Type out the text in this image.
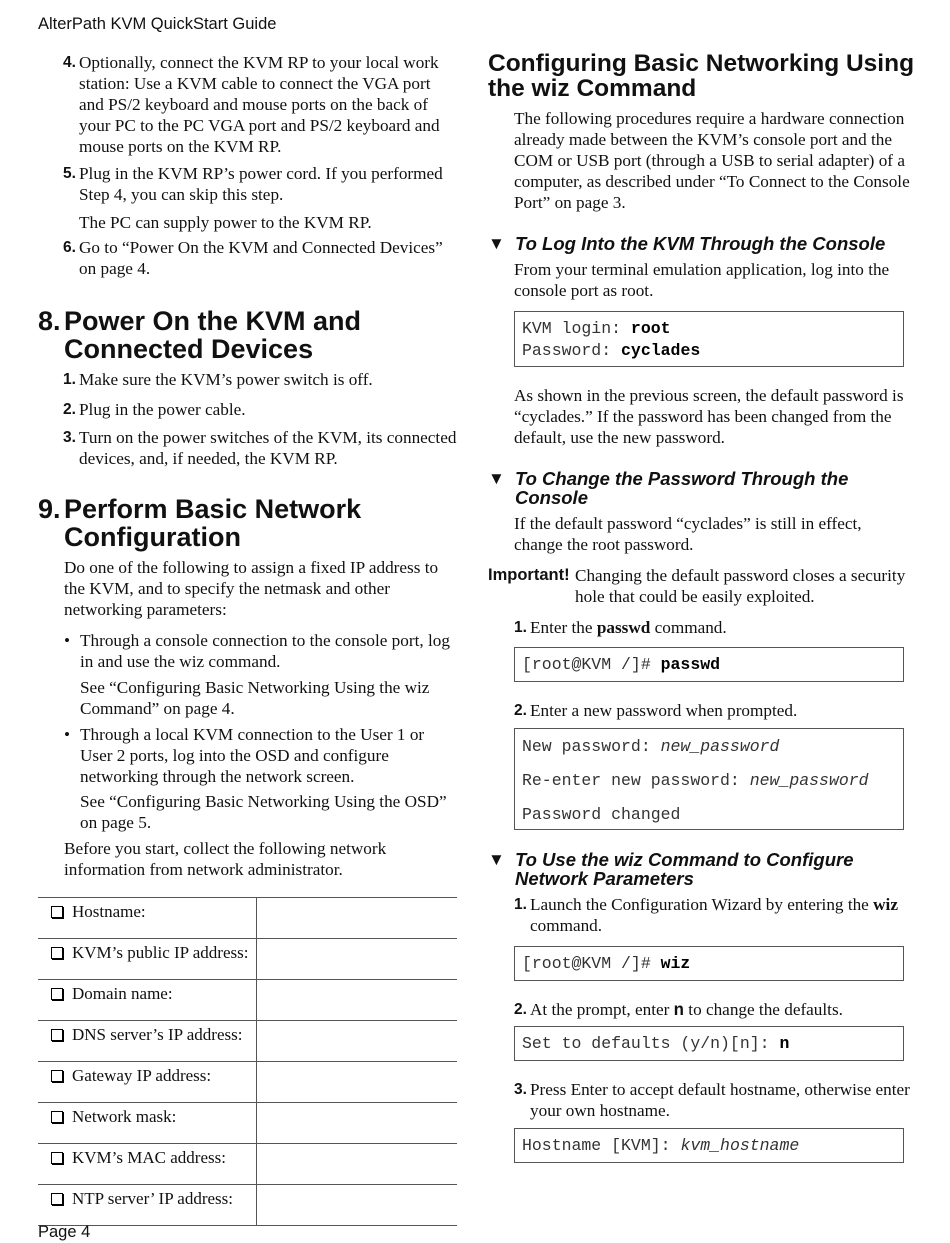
AlterPath KVM QuickStart Guide
4. Optionally, connect the KVM RP to your local work station: Use a KVM cable to connect the VGA port and PS/2 keyboard and mouse ports on the back of your PC to the PC VGA port and PS/2 keyboard and mouse ports on the KVM RP.
5. Plug in the KVM RP’s power cord. If you performed Step 4, you can skip this step.
The PC can supply power to the KVM RP.
6. Go to “Power On the KVM and Connected Devices” on page 4.
8. Power On the KVM and Connected Devices
1. Make sure the KVM’s power switch is off.
2. Plug in the power cable.
3. Turn on the power switches of the KVM, its connected devices, and, if needed, the KVM RP.
9. Perform Basic Network Configuration
Do one of the following to assign a fixed IP address to the KVM, and to specify the netmask and other networking parameters:
• Through a console connection to the console port, log in and use the wiz command.
See “Configuring Basic Networking Using the wiz Command” on page 4.
• Through a local KVM connection to the User 1 or User 2 ports, log into the OSD and configure networking through the network screen.
See “Configuring Basic Networking Using the OSD” on page 5.
Before you start, collect the following network information from network administrator.
Hostname:	
KVM’s public IP address:	
Domain name:	
DNS server’s IP address:	
Gateway IP address:	
Network mask:	
KVM’s MAC address:	
NTP server’ IP address:	
Configuring Basic Networking Using the wiz Command
The following procedures require a hardware connection already made between the KVM’s console port and the COM or USB port (through a USB to serial adapter) of a computer, as described under “To Connect to the Console Port” on page 3.
▼ To Log Into the KVM Through the Console
From your terminal emulation application, log into the console port as root.
KVM login: root
Password: cyclades
As shown in the previous screen, the default password is “cyclades.” If the password has been changed from the default, use the new password.
▼ To Change the Password Through the Console
If the default password “cyclades” is still in effect, change the root password.
Important! Changing the default password closes a security hole that could be easily exploited.
1. Enter the passwd command.
[root@KVM /]# passwd
2. Enter a new password when prompted.
New password: new_password
Re-enter new password: new_password
Password changed
▼ To Use the wiz Command to Configure Network Parameters
1. Launch the Configuration Wizard by entering the wiz command.
[root@KVM /]# wiz
2. At the prompt, enter n to change the defaults.
Set to defaults (y/n)[n]: n
3. Press Enter to accept default hostname, otherwise enter your own hostname.
Hostname [KVM]: kvm_hostname
Page 4
